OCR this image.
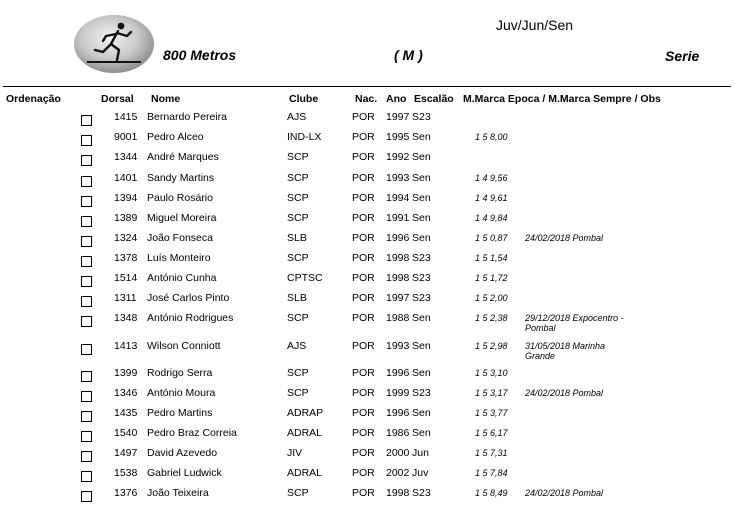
Juv/Jun/Sen
800 Metros	( M )	Serie
Ordenação	Dorsal Nome	Clube	Nac. Ano Escalão M.Marca Epoca / M.Marca Sempre / Obs
1415 Bernardo Pereira	AJS	POR 1997 S23
9001 Pedro Alceo	IND-LX	POR 1995 Sen	1 5 8,00
1344 André Marques	SCP	POR 1992 Sen
1401 Sandy Martins	SCP	POR 1993 Sen	1 4 9,56
1394 Paulo Rosário	SCP	POR 1994 Sen	1 4 9,61
1389 Miguel Moreira	SCP	POR 1991 Sen	1 4 9,84
1324 João Fonseca	SLB	POR 1996 Sen	1 5 0,87 24/02/2018 Pombal
1378 Luís Monteiro	SCP	POR 1998 S23	1 5 1,54
1514 António Cunha	CPTSC	POR 1998 S23	1 5 1,72
1311 José Carlos Pinto	SLB	POR 1997 S23	1 5 2,00
1348 António Rodrigues	SCP	POR 1988 Sen	1 5 2,38 29/12/2018 Expocentro - Pombal
1413 Wilson Conniott	AJS	POR 1993 Sen	1 5 2,98 31/05/2018 Marinha Grande
1399 Rodrigo Serra	SCP	POR 1996 Sen	1 5 3,10
1346 António Moura	SCP	POR 1999 S23	1 5 3,17 24/02/2018 Pombal
1435 Pedro Martins	ADRAP	POR 1996 Sen	1 5 3,77
1540 Pedro Braz Correia	ADRAL	POR 1986 Sen	1 5 6,17
1497 David Azevedo	JIV	POR 2000 Jun	1 5 7,31
1538 Gabriel Ludwick	ADRAL	POR 2002 Juv	1 5 7,84
1376 João Teixeira	SCP	POR 1998 S23	1 5 8,49 24/02/2018 Pombal
